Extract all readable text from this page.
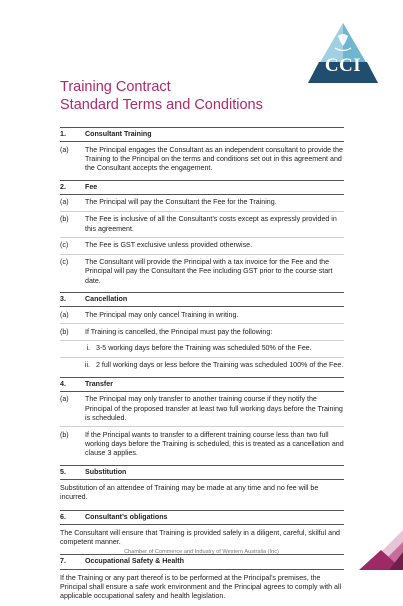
CCI
Training Contract
Standard Terms and Conditions
1.	Consultant Training
(a)	The Principal engages the Consultant as an independent consultant to provide the Training to the Principal on the terms and conditions set out in this agreement and the Consultant accepts the engagement.
2.	Fee
(a)	The Principal will pay the Consultant the Fee for the Training.
(b)	The Fee is inclusive of all the Consultant’s costs except as expressly provided in this agreement.
(c)	The Fee is GST exclusive unless provided otherwise.
(c)	The Consultant will provide the Principal with a tax invoice for the Fee and the Principal will pay the Consultant the Fee including GST prior to the course start date.
3.	Cancellation
(a)	The Principal may only cancel Training in writing.
(b)	If Training is cancelled, the Principal must pay the following:
i. 3-5 working days before the Training was scheduled 50% of the Fee.
ii. 2 full working days or less before the Training was scheduled 100% of the Fee.
4.	Transfer
(a)	The Principal may only transfer to another training course if they notify the Principal of the proposed transfer at least two full working days before the Training is scheduled.
(b)	If the Principal wants to transfer to a different training course less than two full working days before the Training is scheduled, this is treated as a cancellation and clause 3 applies.
5.	Substitution
Substitution of an attendee of Training may be made at any time and no fee will be incurred.
6.	Consultant’s obligations
The Consultant will ensure that Training is provided safely in a diligent, careful, skilful and competent manner.
7.	Occupational Safety & Health
If the Training or any part thereof is to be performed at the Principal’s premises, the Principal shall ensure a safe work environment and the Principal agrees to comply with all applicable occupational safety and health legislation.
Chamber of Commerce and Industry of Western Australia (Inc)
